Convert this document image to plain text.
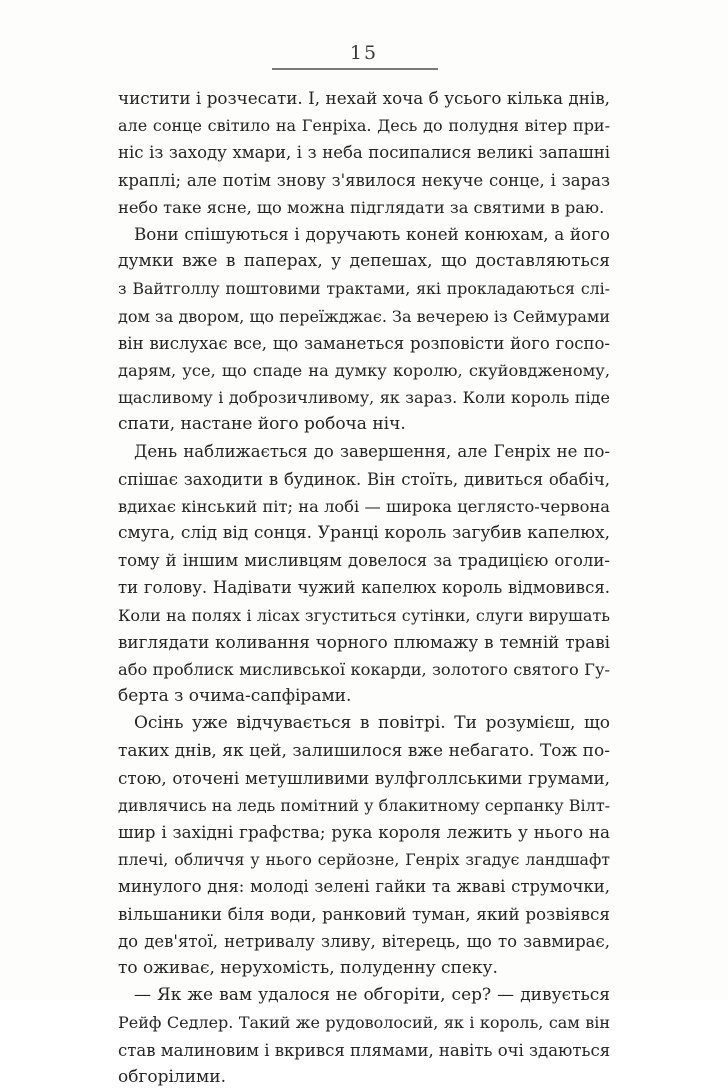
15
чистити і розчесати. І, нехай хоча б усього кілька днів,
але сонце світило на Генріха. Десь до полудня вітер при-
ніс із заходу хмари, і з неба посипалися великі запашні
краплі; але потім знову з'явилося некуче сонце, і зараз
небо таке ясне, що можна підглядати за святими в раю.
Вони спішуються і доручають коней конюхам, а його
думки вже в паперах, у депешах, що доставляються
з Вайтголлу поштовими трактами, які прокладаються слі-
дом за двором, що переїжджає. За вечерею із Сеймурами
він вислухає все, що заманеться розповісти його госпо-
дарям, усе, що спаде на думку королю, скуйовдженому,
щасливому і доброзичливому, як зараз. Коли король піде
спати, настане його робоча ніч.
День наближається до завершення, але Генріх не по-
спішає заходити в будинок. Він стоїть, дивиться обабіч,
вдихає кінський піт; на лобі — широка цеглясто-червона
смуга, слід від сонця. Уранці король загубив капелюх,
тому й іншим мисливцям довелося за традицією оголи-
ти голову. Надівати чужий капелюх король відмовився.
Коли на полях і лісах згуститься сутінки, слуги вирушать
виглядати коливання чорного плюмажу в темній траві
або проблиск мисливської кокарди, золотого святого Гу-
берта з очима-сапфірами.
Осінь уже відчувається в повітрі. Ти розумієш, що
таких днів, як цей, залишилося вже небагато. Тож по-
стою, оточені метушливими вулфголлськими грумами,
дивлячись на ледь помітний у блакитному серпанку Вілт-
шир і західні графства; рука короля лежить у нього на
плечі, обличчя у нього серйозне, Генріх згадує ландшафт
минулого дня: молоді зелені гайки та жваві струмочки,
вільшаники біля води, ранковий туман, який розвіявся
до дев'ятої, нетривалу зливу, вітерець, що то завмирає,
то оживає, нерухомість, полуденну спеку.
— Як же вам удалося не обгоріти, сер? — дивується
Рейф Седлер. Такий же рудоволосий, як і король, сам він
став малиновим і вкрився плямами, навіть очі здаються
обгорілими.
